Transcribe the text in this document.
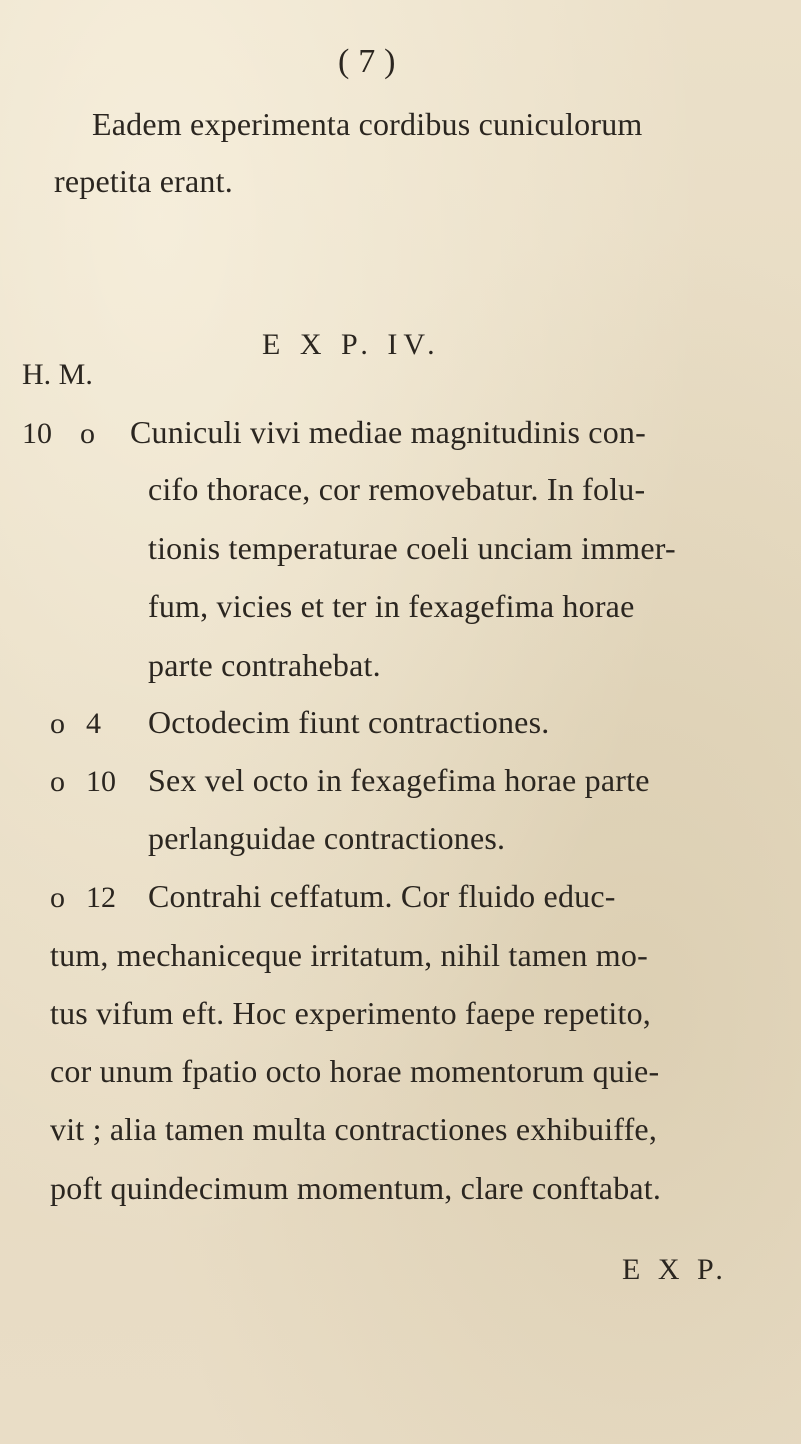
( 7 )
Eadem experimenta cordibus cuniculorum
repetita erant.
E X P. IV.
H. M.
10 o Cuniculi vivi mediae magnitudinis con-
cifo thorace, cor removebatur. In folu-
tionis temperaturae coeli unciam immer-
fum, vicies et ter in fexagefima horae
parte contrahebat.
o 4 Octodecim fiunt contractiones.
o 10 Sex vel octo in fexagefima horae parte
perlanguidae contractiones.
o 12 Contrahi ceffatum. Cor fluido educ-
tum, mechaniceque irritatum, nihil tamen mo-
tus vifum eft. Hoc experimento faepe repetito,
cor unum fpatio octo horae momentorum quie-
vit ; alia tamen multa contractiones exhibuiffe,
poft quindecimum momentum, clare conftabat.
E X P.
